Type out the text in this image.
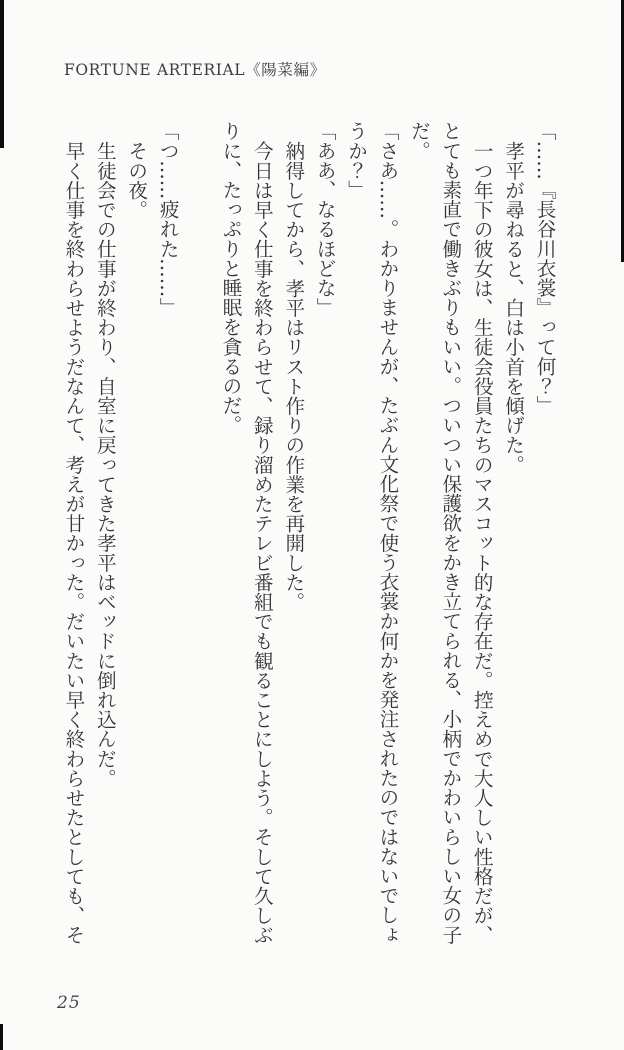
FORTUNE ARTERIAL《陽菜編》

「……『長谷川衣裳』って何？」

孝平が尋ねると、白は小首を傾げた。

一つ年下の彼女は、生徒会役員たちのマスコット的な存在だ。控えめで大人しい性格だが、とても素直で働きぶりもいい。ついつい保護欲をかき立てられる、小柄でかわいらしい女の子だ。

「さあ……。わかりませんが、たぶん文化祭で使う衣裳か何かを発注されたのではないでしょうか？」

「ああ、なるほどな」

納得してから、孝平はリスト作りの作業を再開した。

今日は早く仕事を終わらせて、録り溜めたテレビ番組でも観ることにしよう。そして久しぶりに、たっぷりと睡眠を貪るのだ。

「つ……疲れた……」

その夜。

生徒会での仕事が終わり、自室に戻ってきた孝平はベッドに倒れ込んだ。

早く仕事を終わらせようだなんて、考えが甘かった。だいたい早く終わらせたとしても、そ

25
